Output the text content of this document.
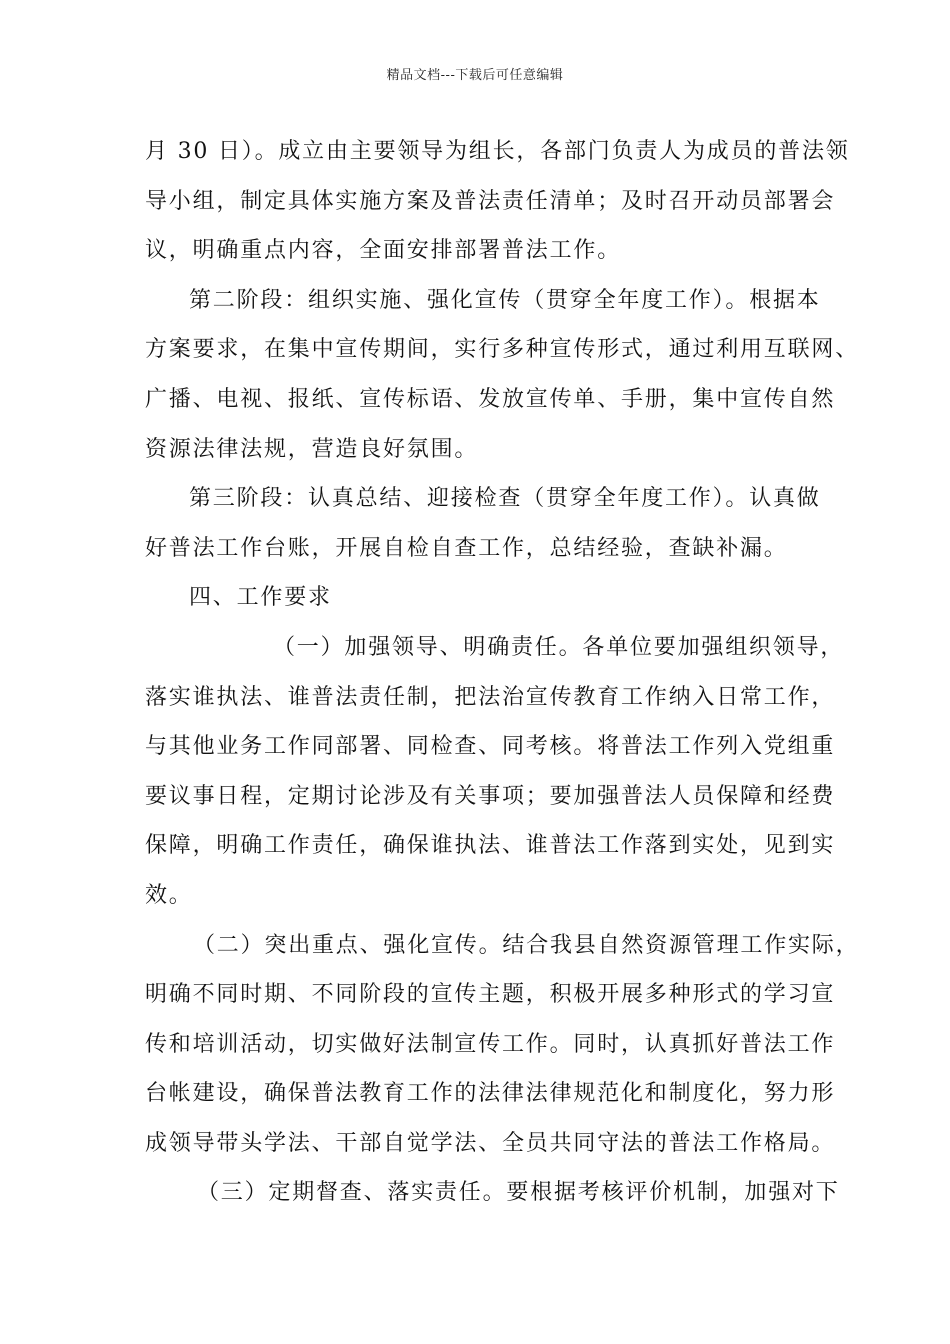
精品文档---下载后可任意编辑
月 30 日）。成立由主要领导为组长，各部门负责人为成员的普法领
导小组，制定具体实施方案及普法责任清单；及时召开动员部署会
议，明确重点内容，全面安排部署普法工作。
第二阶段：组织实施、强化宣传（贯穿全年度工作）。根据本
方案要求，在集中宣传期间，实行多种宣传形式，通过利用互联网、
广播、电视、报纸、宣传标语、发放宣传单、手册，集中宣传自然
资源法律法规，营造良好氛围。
第三阶段：认真总结、迎接检查（贯穿全年度工作）。认真做
好普法工作台账，开展自检自查工作，总结经验，查缺补漏。
四、工作要求
（一）加强领导、明确责任。各单位要加强组织领导，
落实谁执法、谁普法责任制，把法治宣传教育工作纳入日常工作，
与其他业务工作同部署、同检查、同考核。将普法工作列入党组重
要议事日程，定期讨论涉及有关事项；要加强普法人员保障和经费
保障，明确工作责任，确保谁执法、谁普法工作落到实处，见到实
效。
（二）突出重点、强化宣传。结合我县自然资源管理工作实际，
明确不同时期、不同阶段的宣传主题，积极开展多种形式的学习宣
传和培训活动，切实做好法制宣传工作。同时，认真抓好普法工作
台帐建设，确保普法教育工作的法律法律规范化和制度化，努力形
成领导带头学法、干部自觉学法、全员共同守法的普法工作格局。
（三）定期督查、落实责任。要根据考核评价机制，加强对下
